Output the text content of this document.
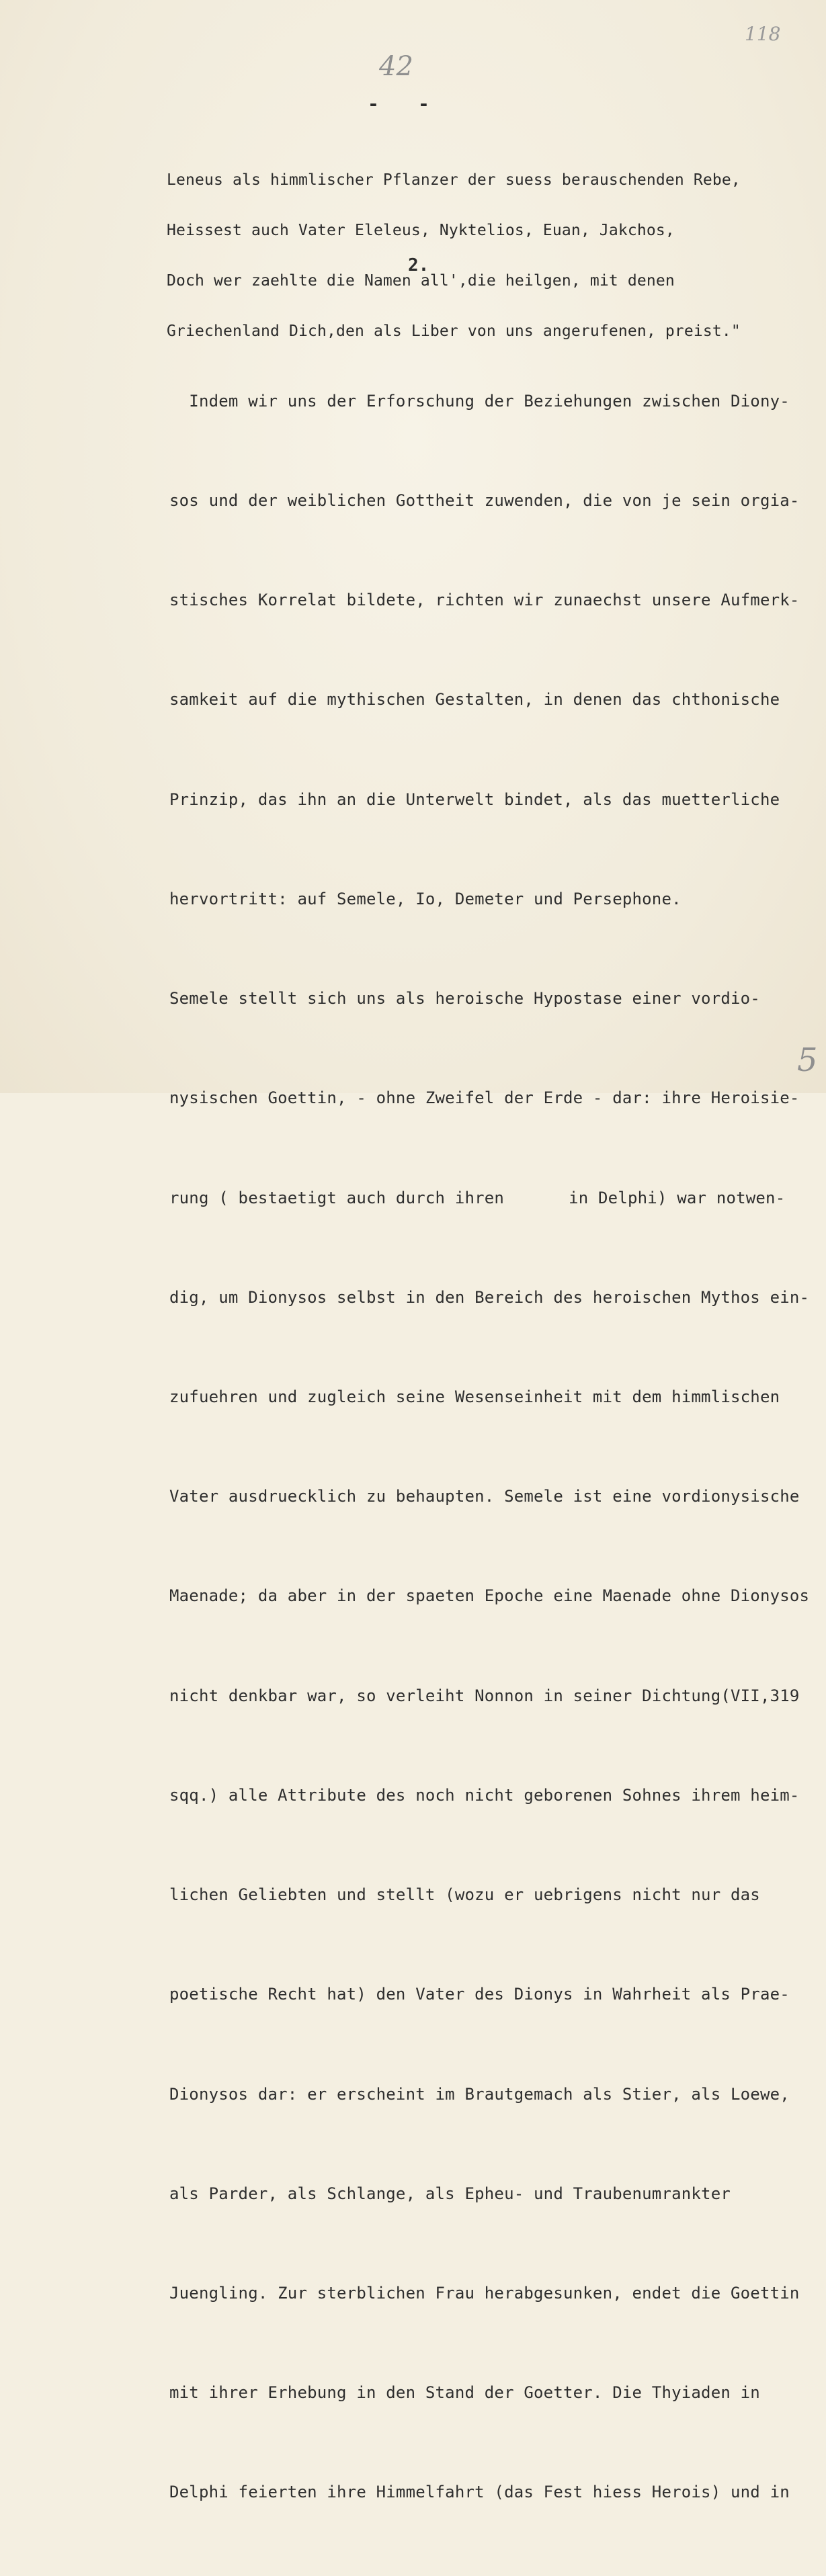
118
42
- -

Leneus als himmlischer Pflanzer der suess berauschenden Rebe,

Heissest auch Vater Eleleus, Nyktelios, Euan, Jakchos,

Doch wer zaehlte die Namen all',die heilgen, mit denen

Griechenland Dich,den als Liber von uns angerufenen, preist."

2.

Indem wir uns der Erforschung der Beziehungen zwischen Diony-

sos und der weiblichen Gottheit zuwenden, die von je sein orgia-

stisches Korrelat bildete, richten wir zunaechst unsere Aufmerk-

samkeit auf die mythischen Gestalten, in denen das chthonische

Prinzip, das ihn an die Unterwelt bindet, als das muetterliche

hervortritt: auf Semele, Io, Demeter und Persephone.

Semele stellt sich uns als heroische Hypostase einer vordio-

nysischen Goettin, - ohne Zweifel der Erde - dar: ihre Heroisie-

rung ( bestaetigt auch durch ihren	in Delphi) war notwen-

dig, um Dionysos selbst in den Bereich des heroischen Mythos ein-

zufuehren und zugleich seine Wesenseinheit mit dem himmlischen

Vater ausdruecklich zu behaupten. Semele ist eine vordionysische

Maenade; da aber in der spaeten Epoche eine Maenade ohne Dionysos

nicht denkbar war, so verleiht Nonnon in seiner Dichtung(VII,319

sqq.) alle Attribute des noch nicht geborenen Sohnes ihrem heim-

lichen Geliebten und stellt (wozu er uebrigens nicht nur das

poetische Recht hat) den Vater des Dionys in Wahrheit als Prae-

Dionysos dar: er erscheint im Brautgemach als Stier, als Loewe,

als Parder, als Schlange, als Epheu- und Traubenumrankter

Juengling. Zur sterblichen Frau herabgesunken, endet die Goettin

mit ihrer Erhebung in den Stand der Goetter. Die Thyiaden in

Delphi feierten ihre Himmelfahrt (das Fest hiess Herois) und in

5
